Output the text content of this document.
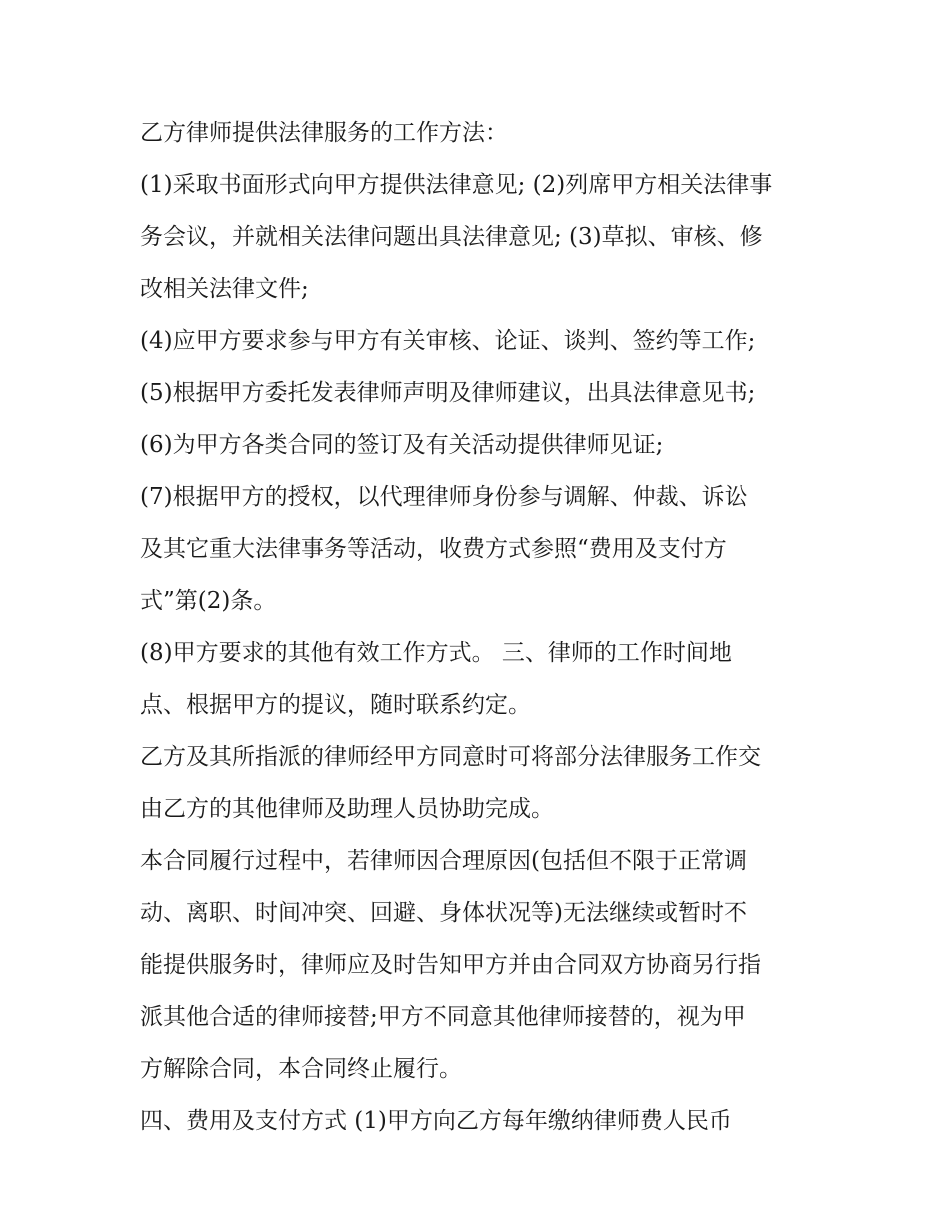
乙方律师提供法律服务的工作方法：
(1)采取书面形式向甲方提供法律意见; (2)列席甲方相关法律事
务会议，并就相关法律问题出具法律意见; (3)草拟、审核、修
改相关法律文件;
(4)应甲方要求参与甲方有关审核、论证、谈判、签约等工作;
(5)根据甲方委托发表律师声明及律师建议，出具法律意见书;
(6)为甲方各类合同的签订及有关活动提供律师见证;
(7)根据甲方的授权，以代理律师身份参与调解、仲裁、诉讼
及其它重大法律事务等活动，收费方式参照“费用及支付方
式”第(2)条。
(8)甲方要求的其他有效工作方式。 三、律师的工作时间地
点、根据甲方的提议，随时联系约定。
乙方及其所指派的律师经甲方同意时可将部分法律服务工作交
由乙方的其他律师及助理人员协助完成。
本合同履行过程中，若律师因合理原因(包括但不限于正常调
动、离职、时间冲突、回避、身体状况等)无法继续或暂时不
能提供服务时，律师应及时告知甲方并由合同双方协商另行指
派其他合适的律师接替;甲方不同意其他律师接替的，视为甲
方解除合同，本合同终止履行。
四、费用及支付方式 (1)甲方向乙方每年缴纳律师费人民币
